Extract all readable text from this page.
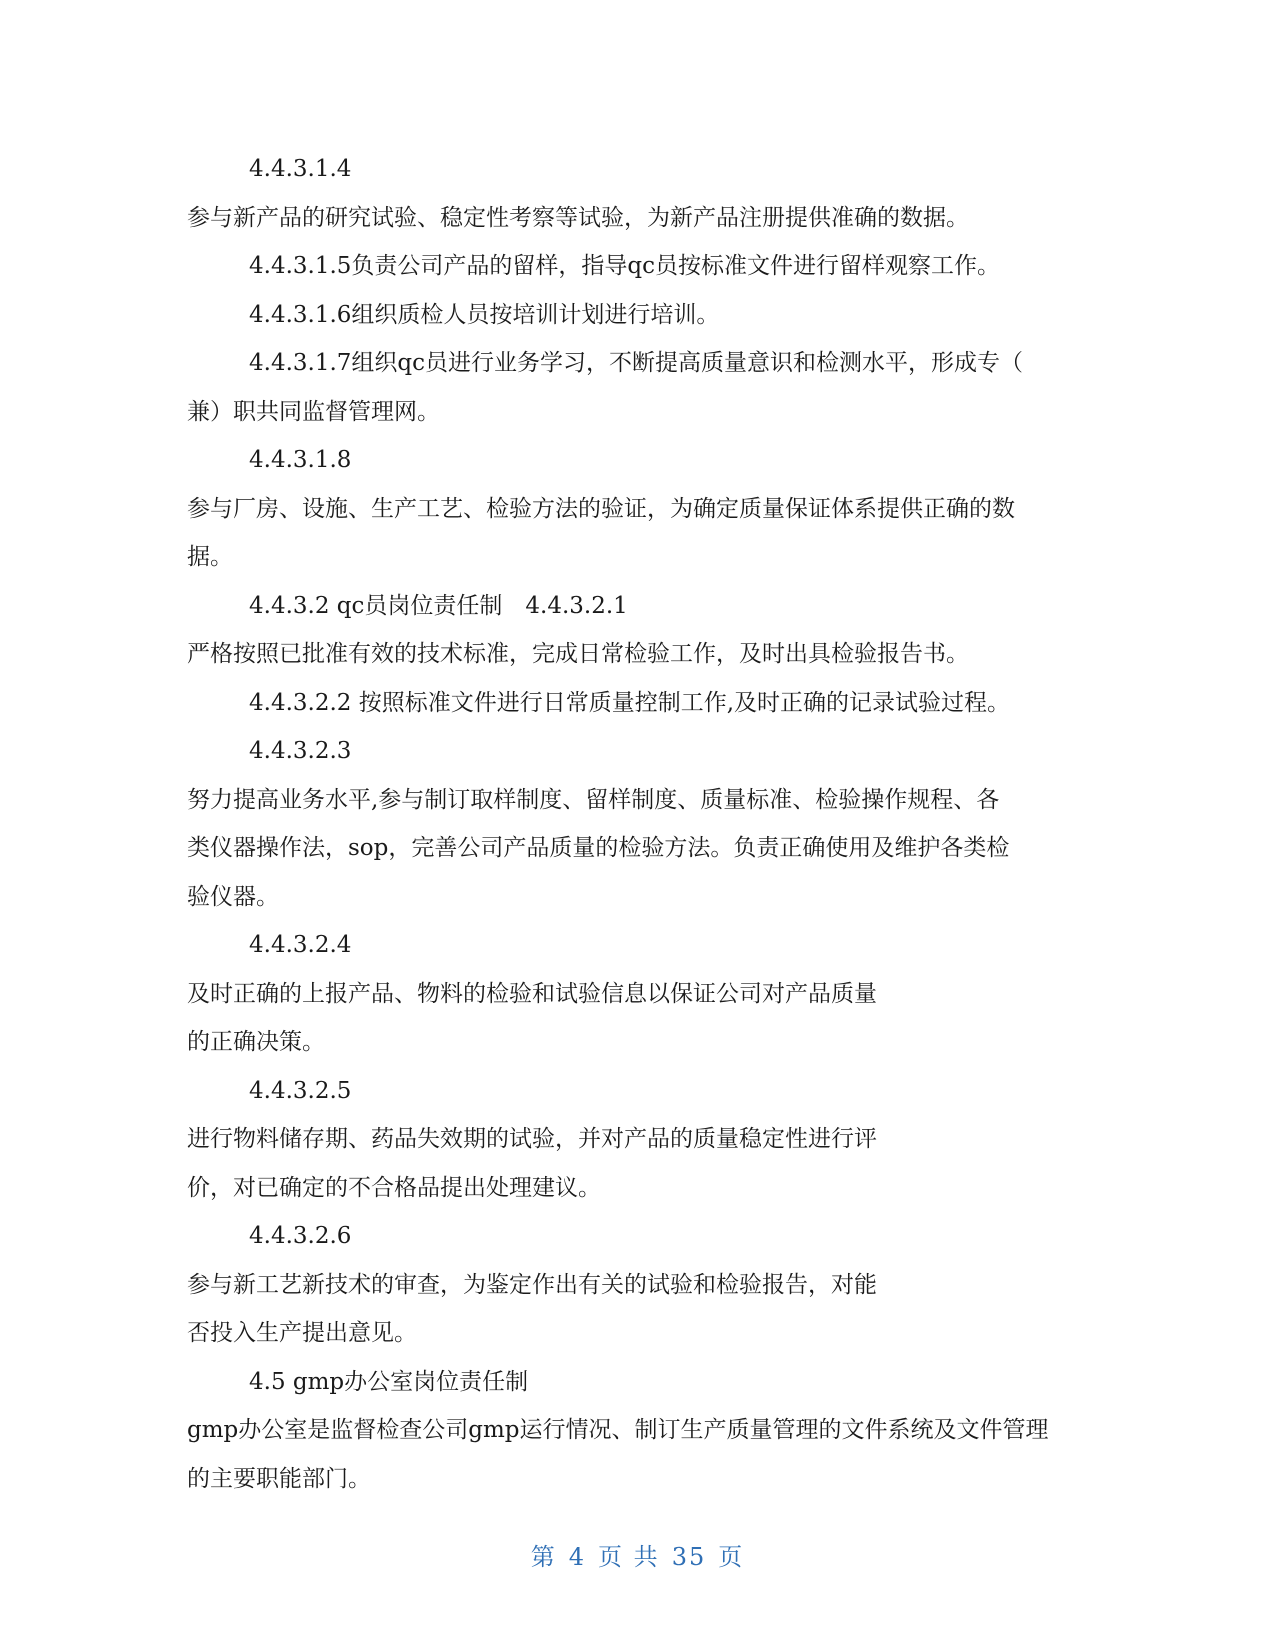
4.4.3.1.4
参与新产品的研究试验、稳定性考察等试验，为新产品注册提供准确的数据。
4.4.3.1.5负责公司产品的留样，指导qc员按标准文件进行留样观察工作。
4.4.3.1.6组织质检人员按培训计划进行培训。
4.4.3.1.7组织qc员进行业务学习，不断提高质量意识和检测水平，形成专（
兼）职共同监督管理网。
4.4.3.1.8
参与厂房、设施、生产工艺、检验方法的验证，为确定质量保证体系提供正确的数
据。
4.4.3.2 qc员岗位责任制　4.4.3.2.1
严格按照已批准有效的技术标准，完成日常检验工作，及时出具检验报告书。
4.4.3.2.2 按照标准文件进行日常质量控制工作,及时正确的记录试验过程。
4.4.3.2.3
努力提高业务水平,参与制订取样制度、留样制度、质量标准、检验操作规程、各
类仪器操作法，sop，完善公司产品质量的检验方法。负责正确使用及维护各类检
验仪器。
4.4.3.2.4
及时正确的上报产品、物料的检验和试验信息以保证公司对产品质量
的正确决策。
4.4.3.2.5
进行物料储存期、药品失效期的试验，并对产品的质量稳定性进行评
价，对已确定的不合格品提出处理建议。
4.4.3.2.6
参与新工艺新技术的审查，为鉴定作出有关的试验和检验报告，对能
否投入生产提出意见。
4.5 gmp办公室岗位责任制
gmp办公室是监督检查公司gmp运行情况、制订生产质量管理的文件系统及文件管理
的主要职能部门。
第 4 页 共 35 页
